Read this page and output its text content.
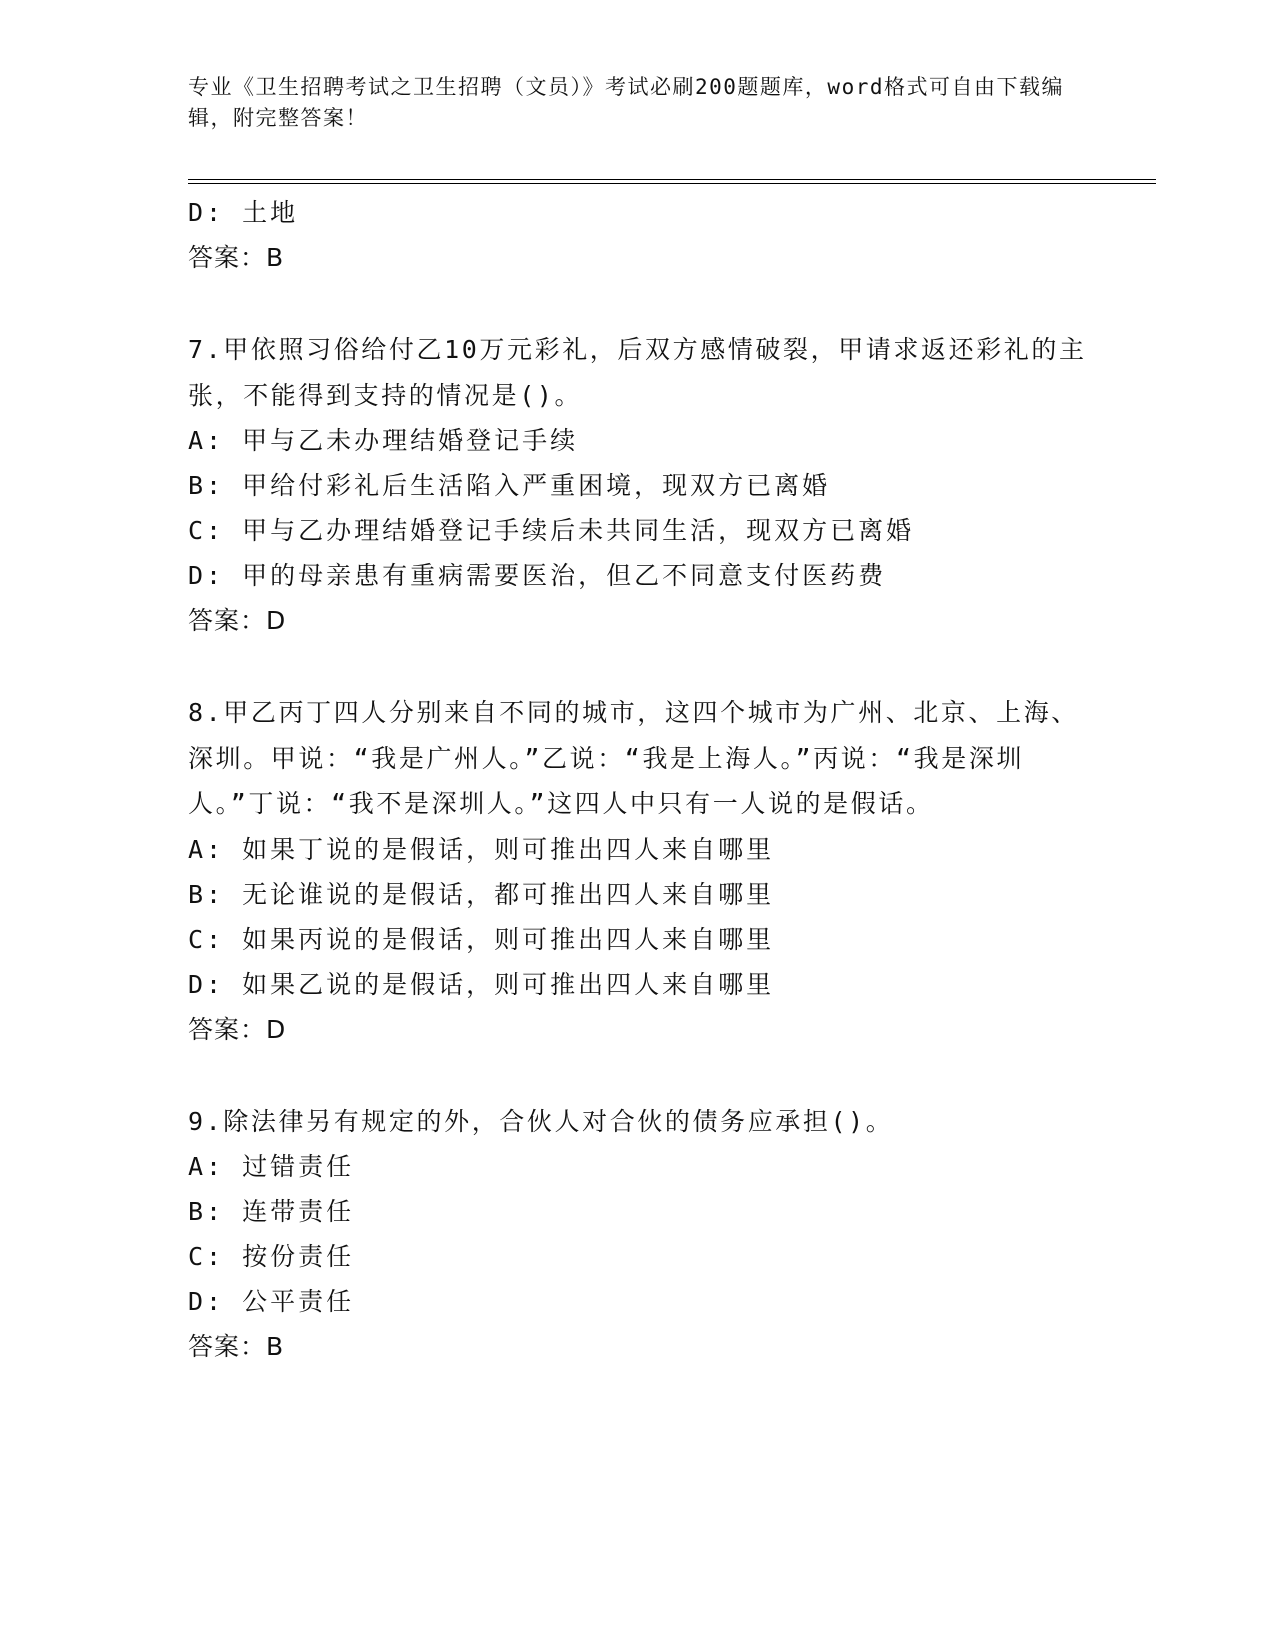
专业《卫生招聘考试之卫生招聘（文员）》考试必刷200题题库，word格式可自由下载编辑，附完整答案！
D: 土地
答案：B
7.甲依照习俗给付乙10万元彩礼，后双方感情破裂，甲请求返还彩礼的主张，不能得到支持的情况是()。
A: 甲与乙未办理结婚登记手续
B: 甲给付彩礼后生活陷入严重困境，现双方已离婚
C: 甲与乙办理结婚登记手续后未共同生活，现双方已离婚
D: 甲的母亲患有重病需要医治，但乙不同意支付医药费
答案：D
8.甲乙丙丁四人分别来自不同的城市，这四个城市为广州、北京、上海、深圳。甲说：“我是广州人。”乙说：“我是上海人。”丙说：“我是深圳人。”丁说：“我不是深圳人。”这四人中只有一人说的是假话。
A: 如果丁说的是假话，则可推出四人来自哪里
B: 无论谁说的是假话，都可推出四人来自哪里
C: 如果丙说的是假话，则可推出四人来自哪里
D: 如果乙说的是假话，则可推出四人来自哪里
答案：D
9.除法律另有规定的外，合伙人对合伙的债务应承担()。
A: 过错责任
B: 连带责任
C: 按份责任
D: 公平责任
答案：B
